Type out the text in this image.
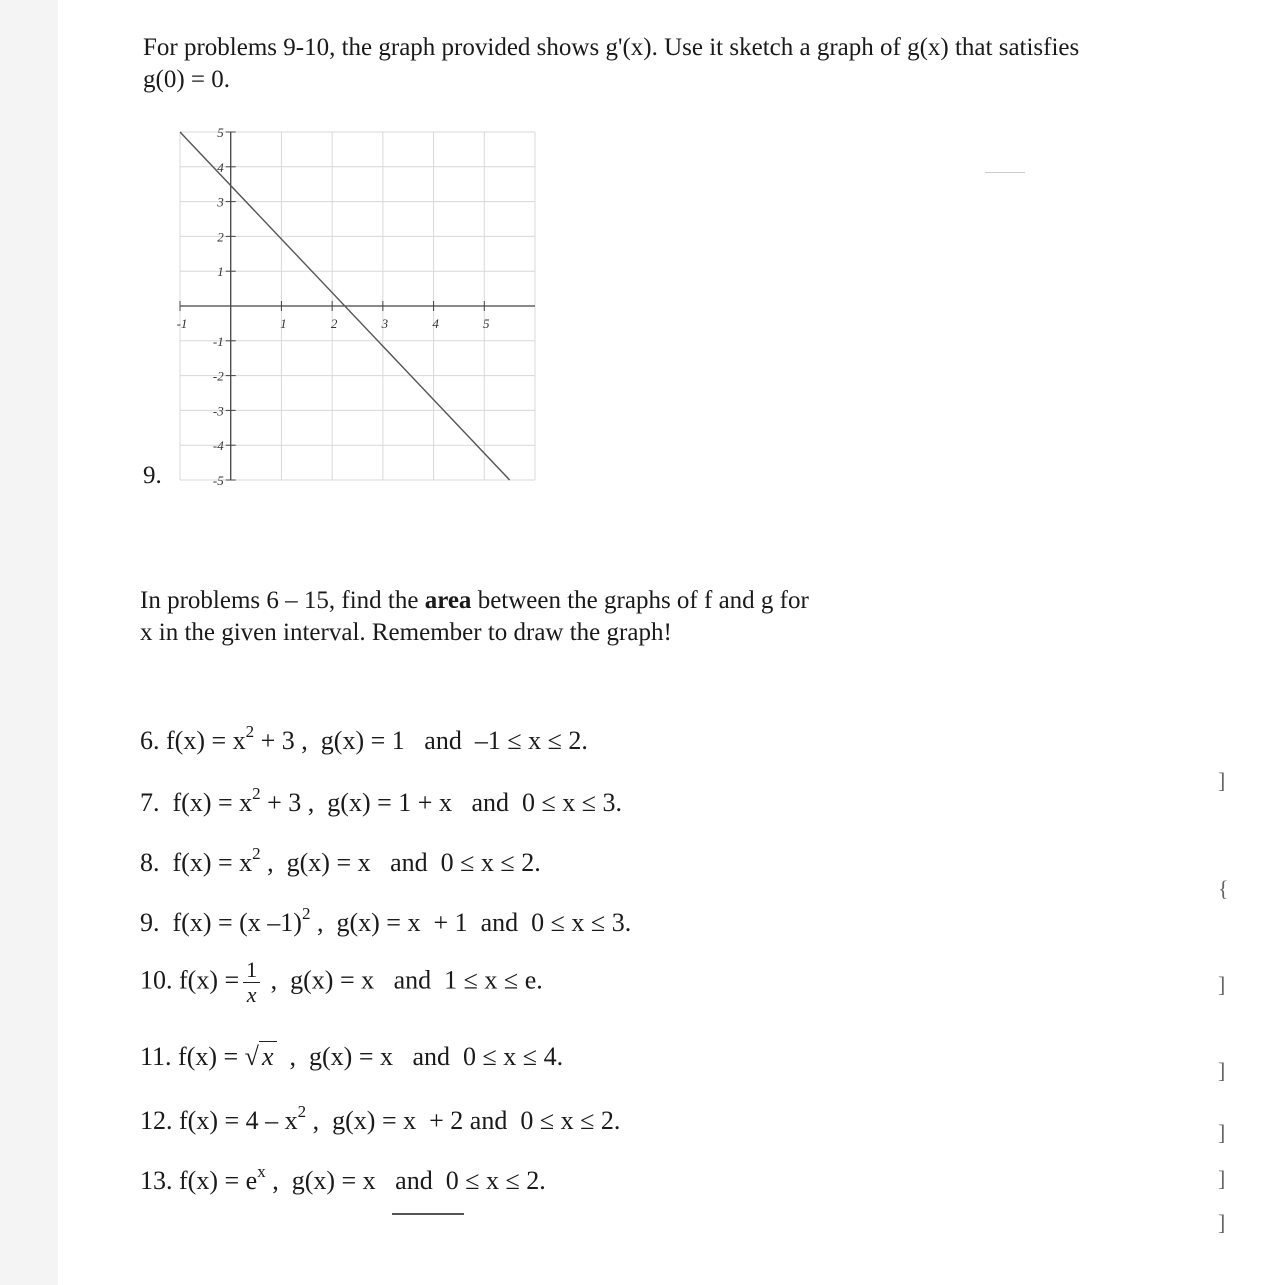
For problems 9-10, the graph provided shows g'(x). Use it sketch a graph of g(x) that satisfies
g(0) = 0.

9.

-1	1	2	3	4	5
5
4
3
2
1
-1
-2
-3
-4
-5

In problems 6 – 15, find the area between the graphs of f and g for x in the given interval. Remember to draw the graph!

6. $f(x) = x^2 + 3$ ,  g(x) = 1   and  –1 ≤ x ≤ 2.
7.  $f(x) = x^2 + 3$ ,  g(x) = 1 + x   and  0 ≤ x ≤ 3.
8.  $f(x) = x^2$ ,  g(x) = x   and  0 ≤ x ≤ 2.
9.  f(x) = (x –1)$^2$ ,  g(x) = x  + 1  and  0 ≤ x ≤ 3.
10. $f(x) = \frac{1}{x}$ ,  g(x) = x   and  1 ≤ x ≤ e.
11. f(x) = √ x  ,  g(x) = x   and  0 ≤ x ≤ 4.
12. $f(x) = 4 - x^2$ ,  g(x) = x  + 2 and  0 ≤ x ≤ 2.
13. $f(x) = e^x$ ,  g(x) = x   and  0 ≤ x ≤ 2.
]
{
]
]
]
]
]
